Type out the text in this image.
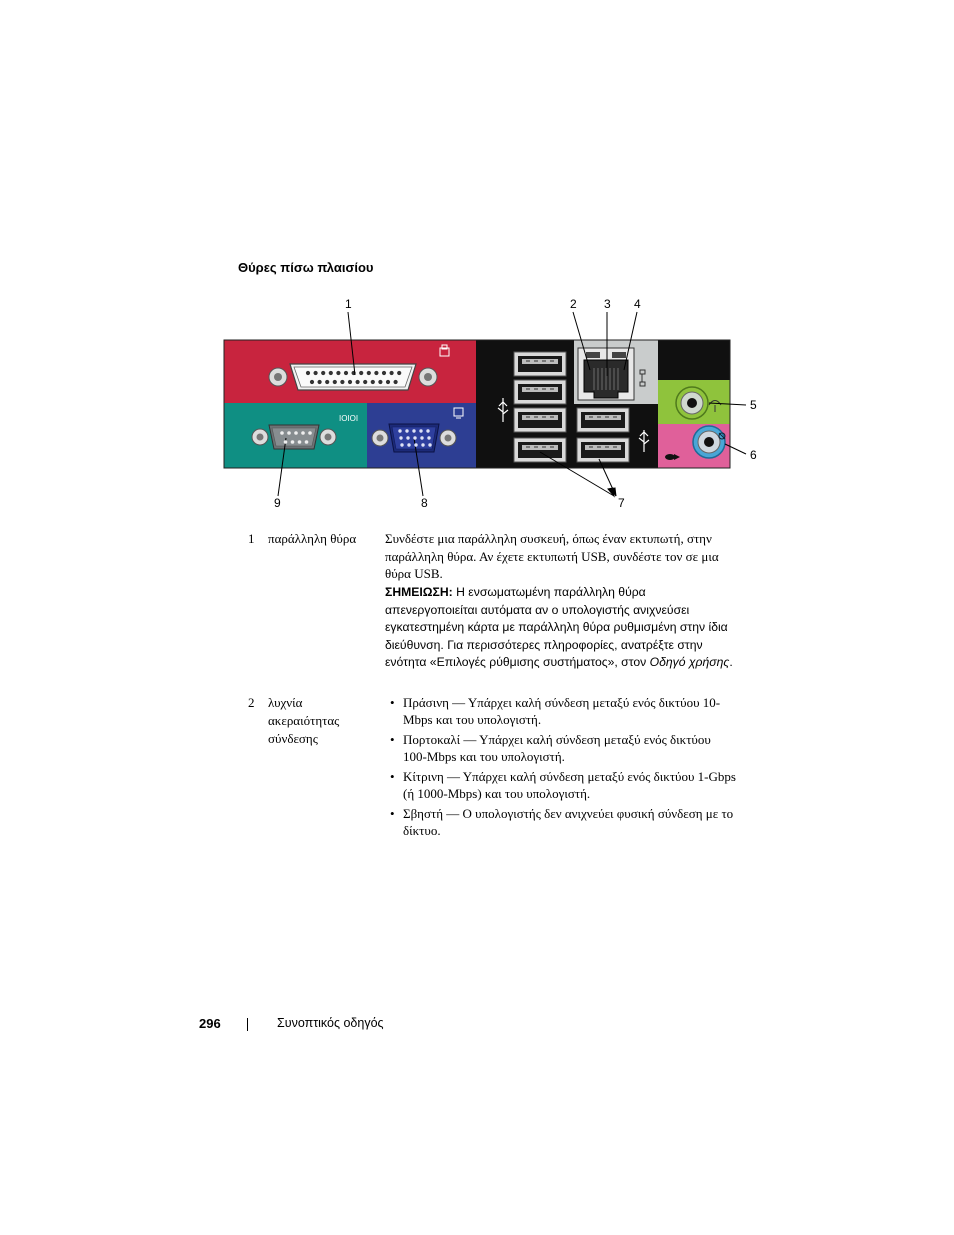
Θύρες πίσω πλαισίου
1	2 3 4
5
6
7
8
9
IOIOI
1 παράλληλη θύρα	Συνδέστε μια παράλληλη συσκευή, όπως έναν εκτυπωτή, στην παράλληλη θύρα. Αν έχετε εκτυπωτή USB, συνδέστε τον σε μια θύρα USB.
ΣΗΜΕΙΩΣΗ: Η ενσωματωμένη παράλληλη θύρα απενεργοποιείται αυτόματα αν ο υπολογιστής ανιχνεύσει εγκατεστημένη κάρτα με παράλληλη θύρα ρυθμισμένη στην ίδια διεύθυνση. Για περισσότερες πληροφορίες, ανατρέξτε στην ενότητα «Επιλογές ρύθμισης συστήματος», στον Οδηγό χρήσης.
2 λυχνία ακεραιότητας σύνδεσης
• Πράσινη — Υπάρχει καλή σύνδεση μεταξύ ενός δικτύου 10-Mbps και του υπολογιστή.
• Πορτοκαλί — Υπάρχει καλή σύνδεση μεταξύ ενός δικτύου 100-Mbps και του υπολογιστή.
• Κίτρινη — Υπάρχει καλή σύνδεση μεταξύ ενός δικτύου 1-Gbps (ή 1000-Mbps) και του υπολογιστή.
• Σβηστή — Ο υπολογιστής δεν ανιχνεύει φυσική σύνδεση με το δίκτυο.
296	Συνοπτικός οδηγός
